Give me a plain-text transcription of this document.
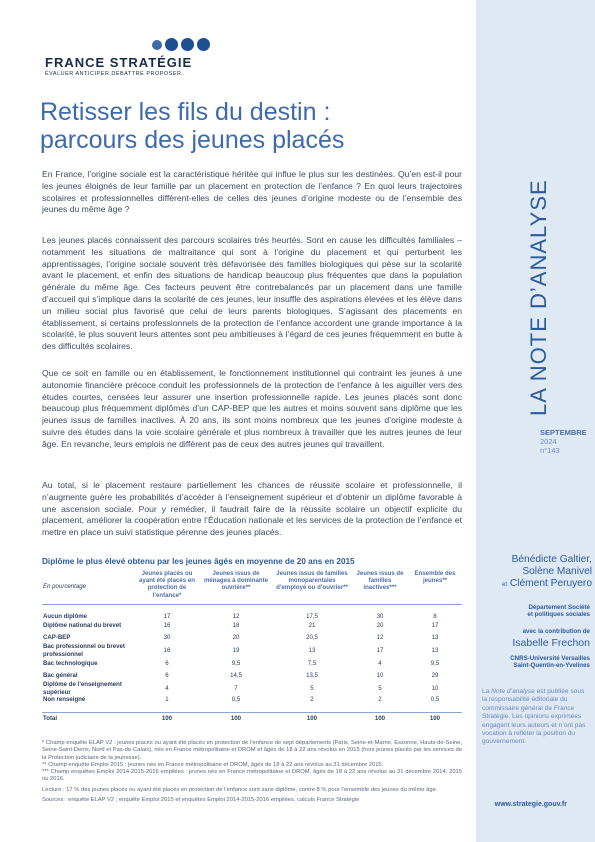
FRANCE STRATÉGIE
ÉVALUER ANTICIPER DÉBATTRE PROPOSER
Retisser les fils du destin :
parcours des jeunes placés

En France, l’origine sociale est la caractéristique héritée qui influe le plus sur les destinées. Qu’en est-il pour les jeunes éloignés de leur famille par un placement en protection de l’enfance ? En quoi leurs trajectoires scolaires et professionnelles diffèrent-elles de celles des jeunes d’origine modeste ou de l’ensemble des jeunes du même âge ?

Les jeunes placés connaissent des parcours scolaires très heurtés. Sont en cause les difficultés familiales – notamment les situations de maltraitance qui sont à l’origine du placement et qui perturbent les apprentissages, l’origine sociale souvent très défavorisée des familles biologiques qui pèse sur la scolarité avant le placement, et enfin des situations de handicap beaucoup plus fréquentes que dans la population générale du même âge. Ces facteurs peuvent être contrebalancés par un placement dans une famille d’accueil qui s’implique dans la scolarité de ces jeunes, leur insuffle des aspirations élevées et les élève dans un milieu social plus favorisé que celui de leurs parents biologiques. S’agissant des placements en établissement, si certains professionnels de la protection de l’enfance accordent une grande importance à la scolarité, le plus souvent leurs attentes sont peu ambitieuses à l’égard de ces jeunes fréquemment en butte à des difficultés scolaires.

Que ce soit en famille ou en établissement, le fonctionnement institutionnel qui contraint les jeunes à une autonomie financière précoce conduit les professionnels de la protection de l’enfance à les aiguiller vers des études courtes, censées leur assurer une insertion professionnelle rapide. Les jeunes placés sont donc beaucoup plus fréquemment diplômés d’un CAP-BEP que les autres et moins souvent sans diplôme que les jeunes issus de familles inactives. À 20 ans, ils sont moins nombreux que les jeunes d’origine modeste à suivre des études dans la voie scolaire générale et plus nombreux à travailler que les autres jeunes de leur âge. En revanche, leurs emplois ne diffèrent pas de ceux des autres jeunes qui travaillent.

Au total, si le placement restaure partiellement les chances de réussite scolaire et professionnelle, il n’augmente guère les probabilités d’accéder à l’enseignement supérieur et d’obtenir un diplôme favorable à une ascension sociale. Pour y remédier, il faudrait faire de la réussite scolaire un objectif explicite du placement, améliorer la coopération entre l’Éducation nationale et les services de la protection de l’enfance et mettre en place un suivi statistique pérenne des jeunes placés.

Diplôme le plus élevé obtenu par les jeunes âgés en moyenne de 20 ans en 2015
En pourcentage	Jeunes placés ou ayant été placés en protection de l’enfance*	Jeunes issus de ménages à dominante ouvrière**	Jeunes issus de familles monoparentales d’employé ou d’ouvrier**	Jeunes issus de familles inactives***	Ensemble des jeunes**
Aucun diplôme	17	12	17,5	30	8
Diplôme national du brevet	16	18	21	20	17
CAP-BEP	30	20	20,5	12	13
Bac professionnel ou brevet professionnel	16	19	13	17	13
Bac technologique	6	9,5	7,5	4	9,5
Bac général	6	14,5	13,5	10	29
Diplôme de l’enseignement supérieur	4	7	5	5	10
Non renseigné	1	0,5	2	2	0,5
Total	100	100	100	100	100

* Champ enquête ELAP V2 : jeunes placés ou ayant été placés en protection de l’enfance de sept départements (Paris, Seine-et-Marne, Essonne, Hauts-de-Seine, Seine-Saint-Denis, Nord et Pas-de-Calais), nés en France métropolitaine et DROM et âgés de 18 à 22 ans révolus en 2015 (hors jeunes placés par les services de la Protection judiciaire de la jeunesse).

** Champ enquête Emploi 2015 : jeunes nés en France métropolitaine et DROM, âgés de 18 à 22 ans révolus au 31 décembre 2015.

*** Champ enquêtes Emploi 2014-2015-2016 empilées : jeunes nés en France métropolitaine et DROM, âgés de 18 à 22 ans révolus au 31 décembre 2014, 2015 ou 2016.

Lecture : 17 % des jeunes placés ou ayant été placés en protection de l’enfance sont sans diplôme, contre 8 % pour l’ensemble des jeunes du même âge.

Sources : enquête ELAP V2 ; enquête Emploi 2015 et enquêtes Emploi 2014-2015-2016 empilées, calculs France Stratégie

LA NOTE D’ANALYSE
SEPTEMBRE
2024
n°143
Bénédicte Galtier,
Solène Manivel
et Clément Peruyero
Département Société
et politiques sociales
avec la contribution de
Isabelle Frechon
CNRS-Université Versailles
Saint-Quentin-en-Yvelines
La Note d’analyse est publiée sous la responsabilité éditoriale du commissaire général de France Stratégie. Les opinions exprimées engagent leurs auteurs et n’ont pas vocation à refléter la position du gouvernement.
www.strategie.gouv.fr
